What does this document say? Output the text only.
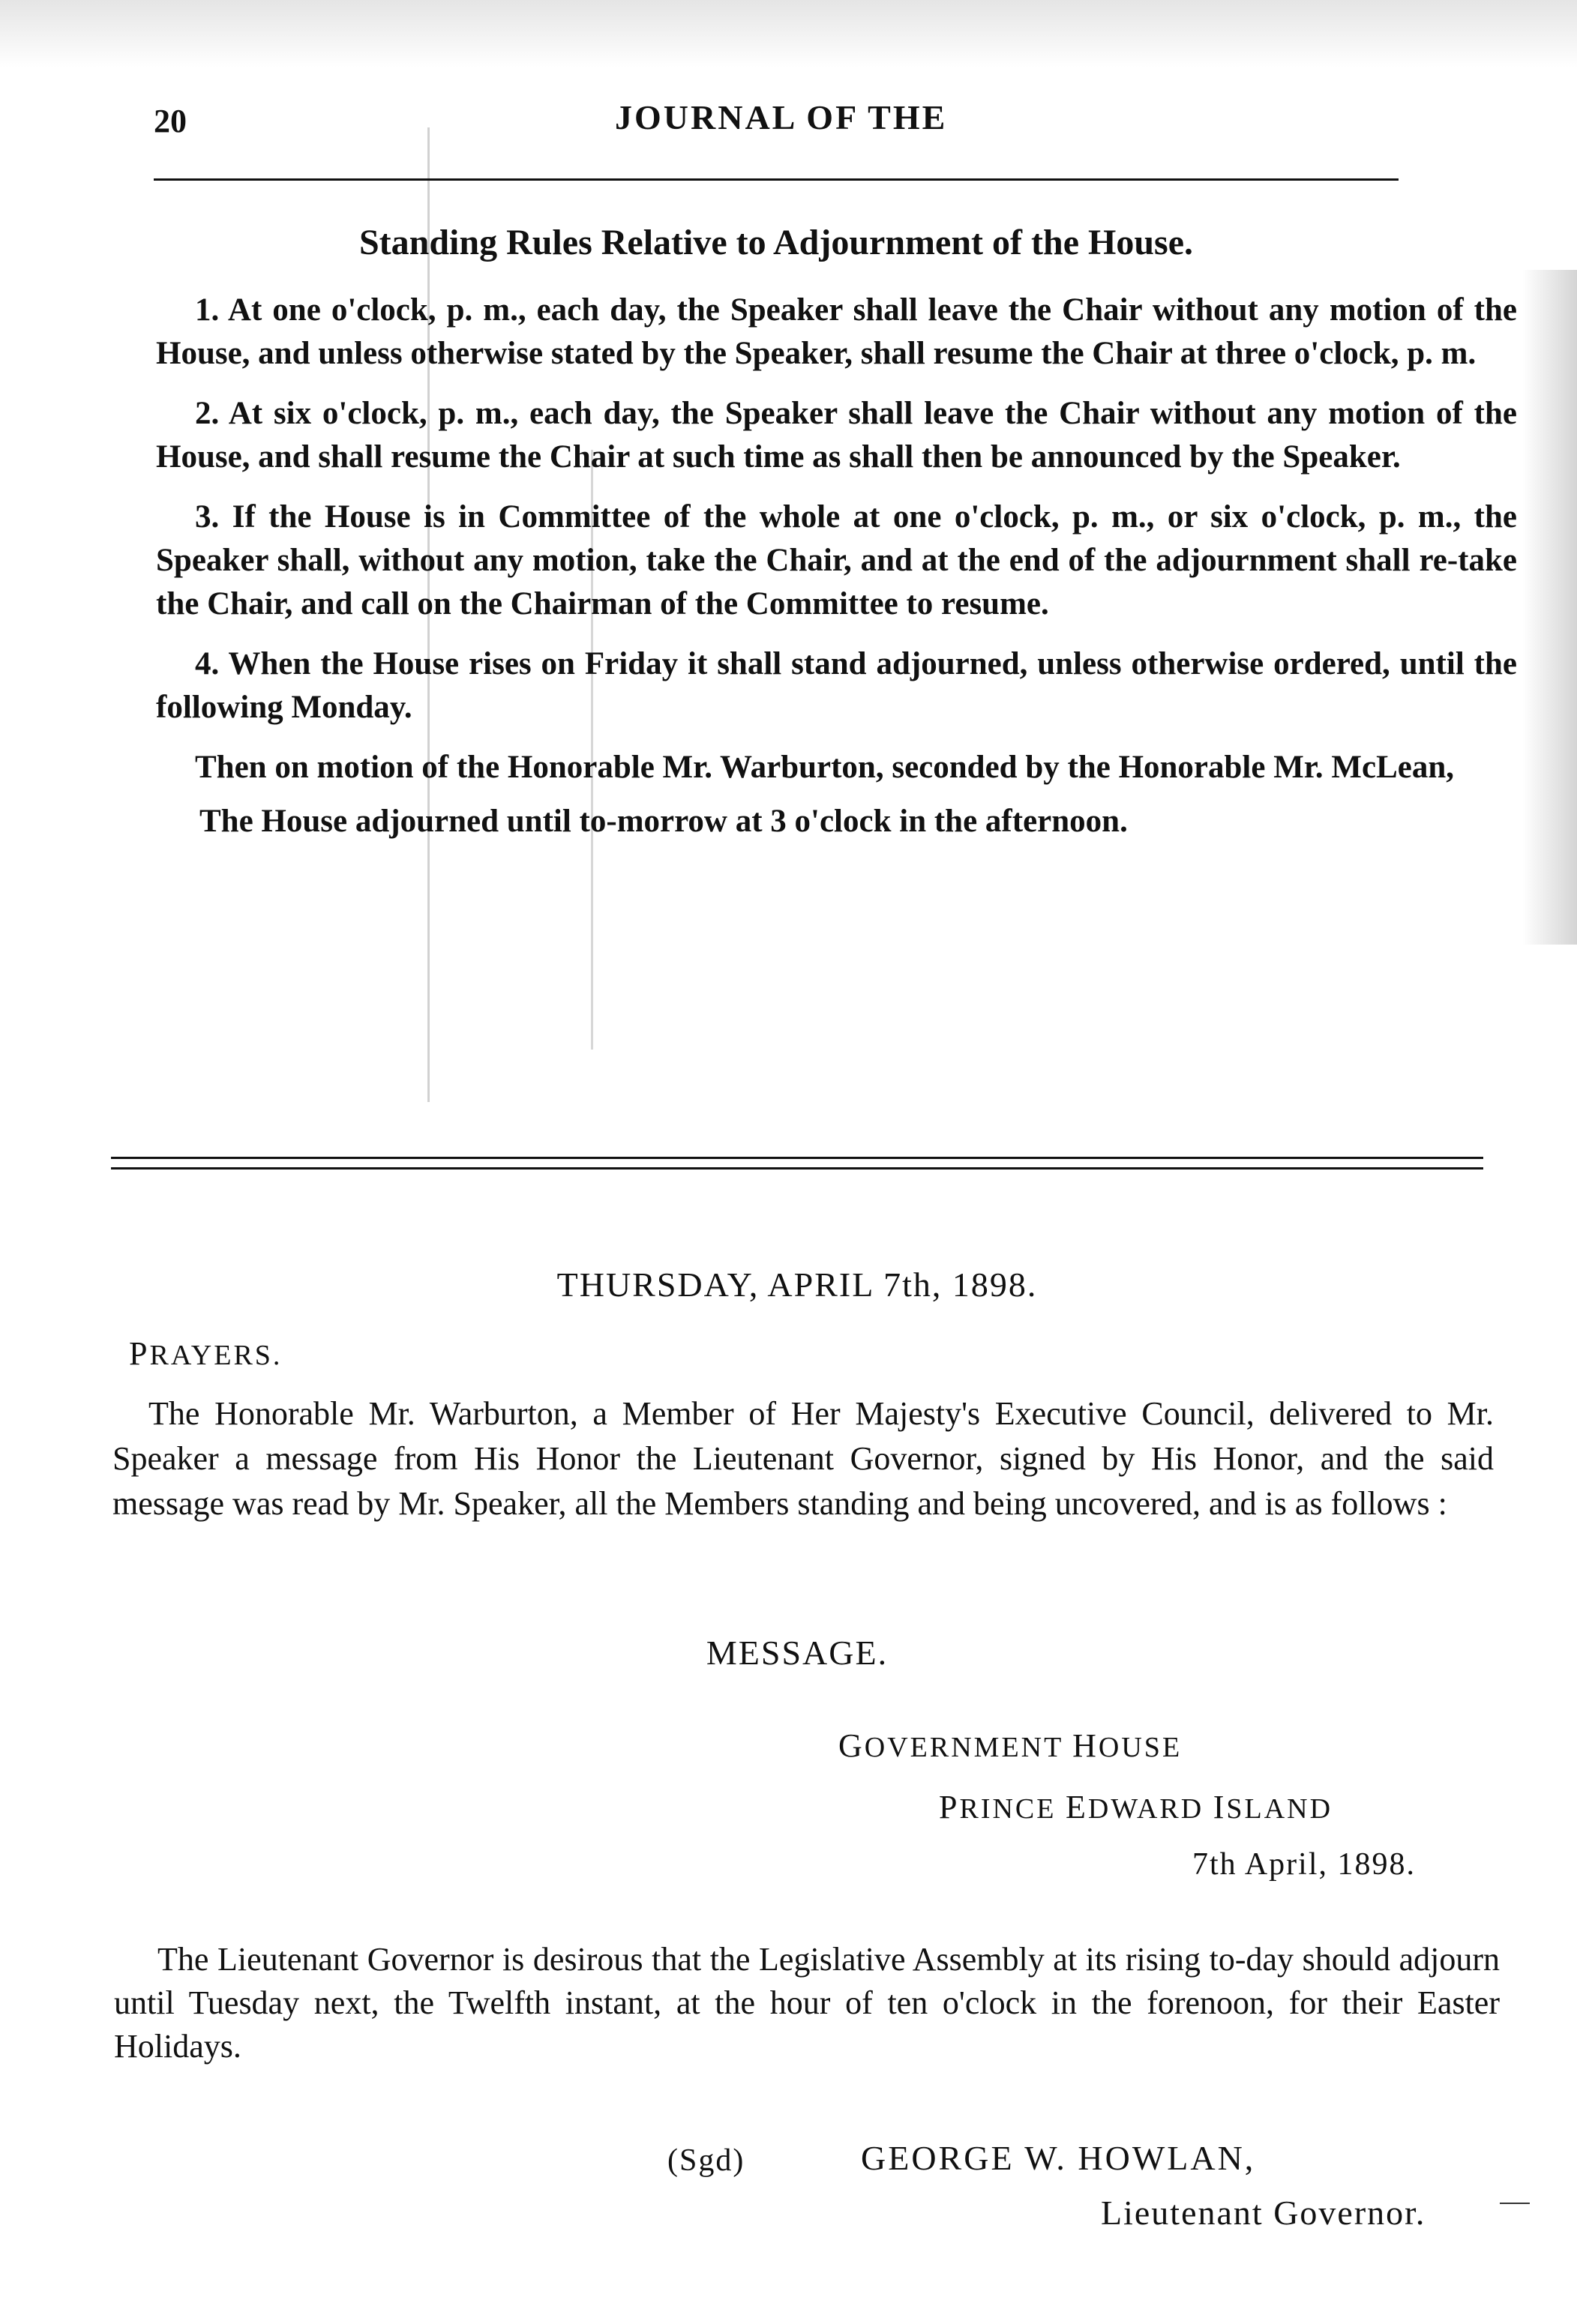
20	JOURNAL OF THE
Standing Rules Relative to Adjournment of the House.

1. At one o'clock, p. m., each day, the Speaker shall leave the Chair without any motion of the House, and unless otherwise stated by the Speaker, shall resume the Chair at three o'clock, p. m.

2. At six o'clock, p. m., each day, the Speaker shall leave the Chair without any motion of the House, and shall resume the Chair at such time as shall then be announced by the Speaker.

3. If the House is in Committee of the whole at one o'clock, p. m., or six o'clock, p. m., the Speaker shall, without any motion, take the Chair, and at the end of the adjournment shall re-take the Chair, and call on the Chairman of the Committee to resume.

4. When the House rises on Friday it shall stand adjourned, unless otherwise ordered, until the following Monday.

Then on motion of the Honorable Mr. Warburton, seconded by the Honorable Mr. McLean,

The House adjourned until to-morrow at 3 o'clock in the afternoon.

THURSDAY, APRIL 7th, 1898.
PRAYERS.
The Honorable Mr. Warburton, a Member of Her Majesty's Executive Council, delivered to Mr. Speaker a message from His Honor the Lieutenant Governor, signed by His Honor, and the said message was read by Mr. Speaker, all the Members standing and being uncovered, and is as follows :
MESSAGE.
GOVERNMENT HOUSE
PRINCE EDWARD ISLAND
7th April, 1898.
The Lieutenant Governor is desirous that the Legislative Assembly at its rising to-day should adjourn until Tuesday next, the Twelfth instant, at the hour of ten o'clock in the forenoon, for their Easter Holidays.
(Sgd)	GEORGE W. HOWLAN,
Lieutenant Governor.
